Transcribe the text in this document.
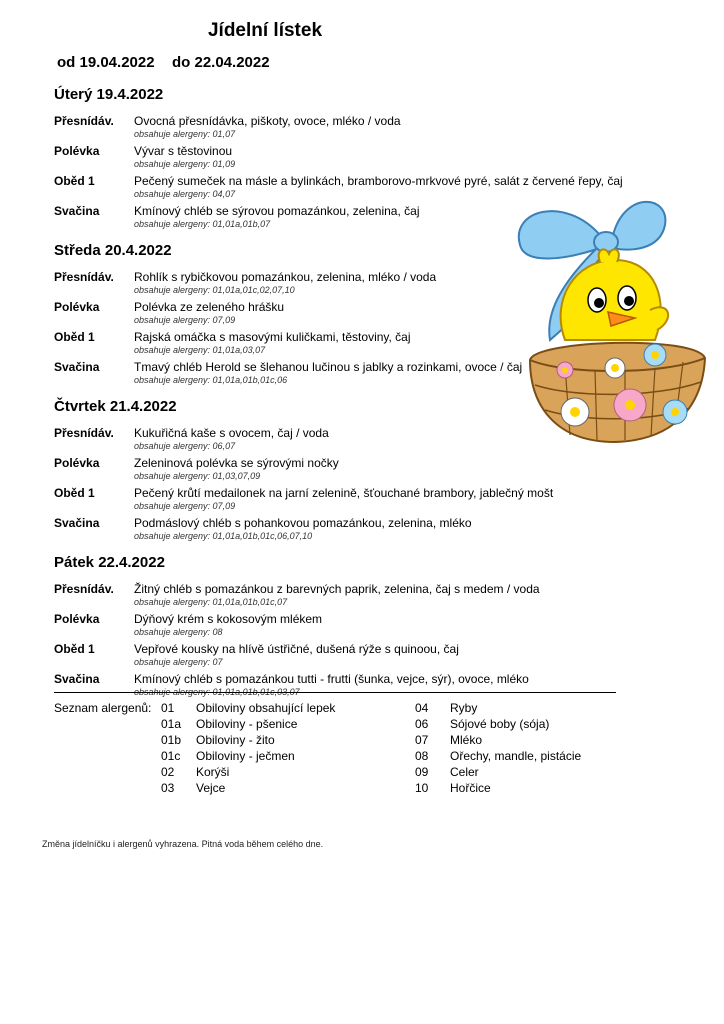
Jídelní lístek
od 19.04.2022 do 22.04.2022
Úterý 19.4.2022
Přesnídáv. Ovocná přesnídávka, piškoty, ovoce, mléko / voda
obsahuje alergeny: 01,07
Polévka	Vývar s těstovinou
obsahuje alergeny: 01,09
Oběd 1	Pečený sumeček na másle a bylinkách, bramborovo-mrkvové pyré, salát z červené řepy, čaj
obsahuje alergeny: 04,07
Svačina	Kmínový chléb se sýrovou pomazánkou, zelenina, čaj
obsahuje alergeny: 01,01a,01b,07
Středa 20.4.2022
Přesnídáv. Rohlík s rybičkovou pomazánkou, zelenina, mléko / voda
obsahuje alergeny: 01,01a,01c,02,07,10
Polévka	Polévka ze zeleného hrášku
obsahuje alergeny: 07,09
Oběd 1	Rajská omáčka s masovými kuličkami, těstoviny, čaj
obsahuje alergeny: 01,01a,03,07
Svačina	Tmavý chléb Herold se šlehanou lučinou s jablky a rozinkami, ovoce / čaj
obsahuje alergeny: 01,01a,01b,01c,06
Čtvrtek 21.4.2022
Přesnídáv. Kukuřičná kaše s ovocem, čaj / voda
obsahuje alergeny: 06,07
Polévka	Zeleninová polévka se sýrovými nočky
obsahuje alergeny: 01,03,07,09
Oběd 1	Pečený krůtí medailonek na jarní zelenině, šťouchané brambory, jablečný mošt
obsahuje alergeny: 07,09
Svačina	Podmáslový chléb s pohankovou pomazánkou, zelenina, mléko
obsahuje alergeny: 01,01a,01b,01c,06,07,10
Pátek 22.4.2022
Přesnídáv. Žitný chléb s pomazánkou z barevných paprik, zelenina, čaj s medem / voda
obsahuje alergeny: 01,01a,01b,01c,07
Polévka	Dýňový krém s kokosovým mlékem
obsahuje alergeny: 08
Oběd 1	Vepřové kousky na hlívě ústřičné, dušená rýže s quinoou, čaj
obsahuje alergeny: 07
Svačina	Kmínový chléb s pomazánkou tutti - frutti (šunka, vejce, sýr), ovoce, mléko
obsahuje alergeny: 01,01a,01b,01c,03,07
Seznam alergenů: 01 Obiloviny obsahující lepek
01a Obiloviny - pšenice
01b Obiloviny - žito
01c Obiloviny - ječmen
02 Korýši
03 Vejce
04 Ryby
06 Sójové boby (sója)
07 Mléko
08 Ořechy, mandle, pistácie
09 Celer
10 Hořčice
Změna jídelníčku i alergenů vyhrazena. Pitná voda během celého dne.
